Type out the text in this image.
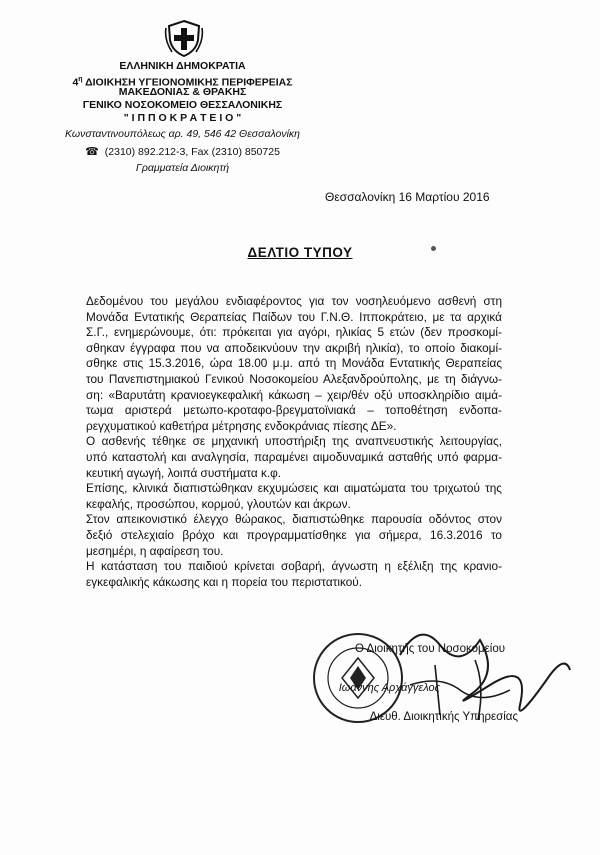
ΕΛΛΗΝΙΚΗ ΔΗΜΟΚΡΑΤΙΑ

$4^\eta$ ΔΙΟΙΚΗΣΗ ΥΓΕΙΟΝΟΜΙΚΗΣ ΠΕΡΙΦΕΡΕΙΑΣ

ΜΑΚΕΔΟΝΙΑΣ & ΘΡΑΚΗΣ

ΓΕΝΙΚΟ ΝΟΣΟΚΟΜΕΙΟ ΘΕΣΣΑΛΟΝΙΚΗΣ

" Ι Π Π Ο Κ Ρ Α Τ Ε Ι Ο "

Κωνσταντινουπόλεως αρ. 49, 546 42 Θεσσαλονίκη

☎ (2310) 892.212-3, Fax (2310) 850725

Γραμματεία Διοικητή

Θεσσαλονίκη 16 Μαρτίου 2016
ΔΕΛΤΙΟ ΤΥΠΟΥ
Δεδομένου του μεγάλου ενδιαφέροντος για τον νοσηλευόμενο ασθενή στη
Μονάδα Εντατικής Θεραπείας Παίδων του Γ.Ν.Θ. Ιπποκράτειο, με τα αρχικά
Σ.Γ., ενημερώνουμε, ότι: πρόκειται για αγόρι, ηλικίας 5 ετών (δεν προσκομί-
σθηκαν έγγραφα που να αποδεικνύουν την ακριβή ηλικία), το οποίο διακομί-
σθηκε στις 15.3.2016, ώρα 18.00 μ.μ. από τη Μονάδα Εντατικής Θεραπείας
του Πανεπιστημιακού Γενικού Νοσοκομείου Αλεξανδρούπολης, με τη διάγνω-
ση: «Βαρυτάτη κρανιοεγκεφαλική κάκωση – χειρ/θέν οξύ υποσκληρίδιο αιμά-
τωμα αριστερά μετωπο-κροταφο-βρεγματοϊνιακά – τοποθέτηση ενδοπα-
ρεγχυματικού καθετήρα μέτρησης ενδοκράνιας πίεσης ΔΕ».
Ο ασθενής τέθηκε σε μηχανική υποστήριξη της αναπνευστικής λειτουργίας,
υπό καταστολή και αναλγησία, παραμένει αιμοδυναμικά ασταθής υπό φαρμα-
κευτική αγωγή, λοιπά συστήματα κ.φ.
Επίσης, κλινικά διαπιστώθηκαν εκχυμώσεις και αιματώματα του τριχωτού της
κεφαλής, προσώπου, κορμού, γλουτών και άκρων.
Στον απεικονιστικό έλεγχο θώρακος, διαπιστώθηκε παρουσία οδόντος στον
δεξιό στελεχιαίο βρόχο και προγραμματίσθηκε για σήμερα, 16.3.2016 το
μεσημέρι, η αφαίρεση του.
Η κατάσταση του παιδιού κρίνεται σοβαρή, άγνωστη η εξέλιξη της κρανιο-
εγκεφαλικής κάκωσης και η πορεία του περιστατικού.
Ο Διοικητής του Νοσοκομείου
Ιωάννης Αρχάγγελος
Διευθ. Διοικητικής Υπηρεσίας
